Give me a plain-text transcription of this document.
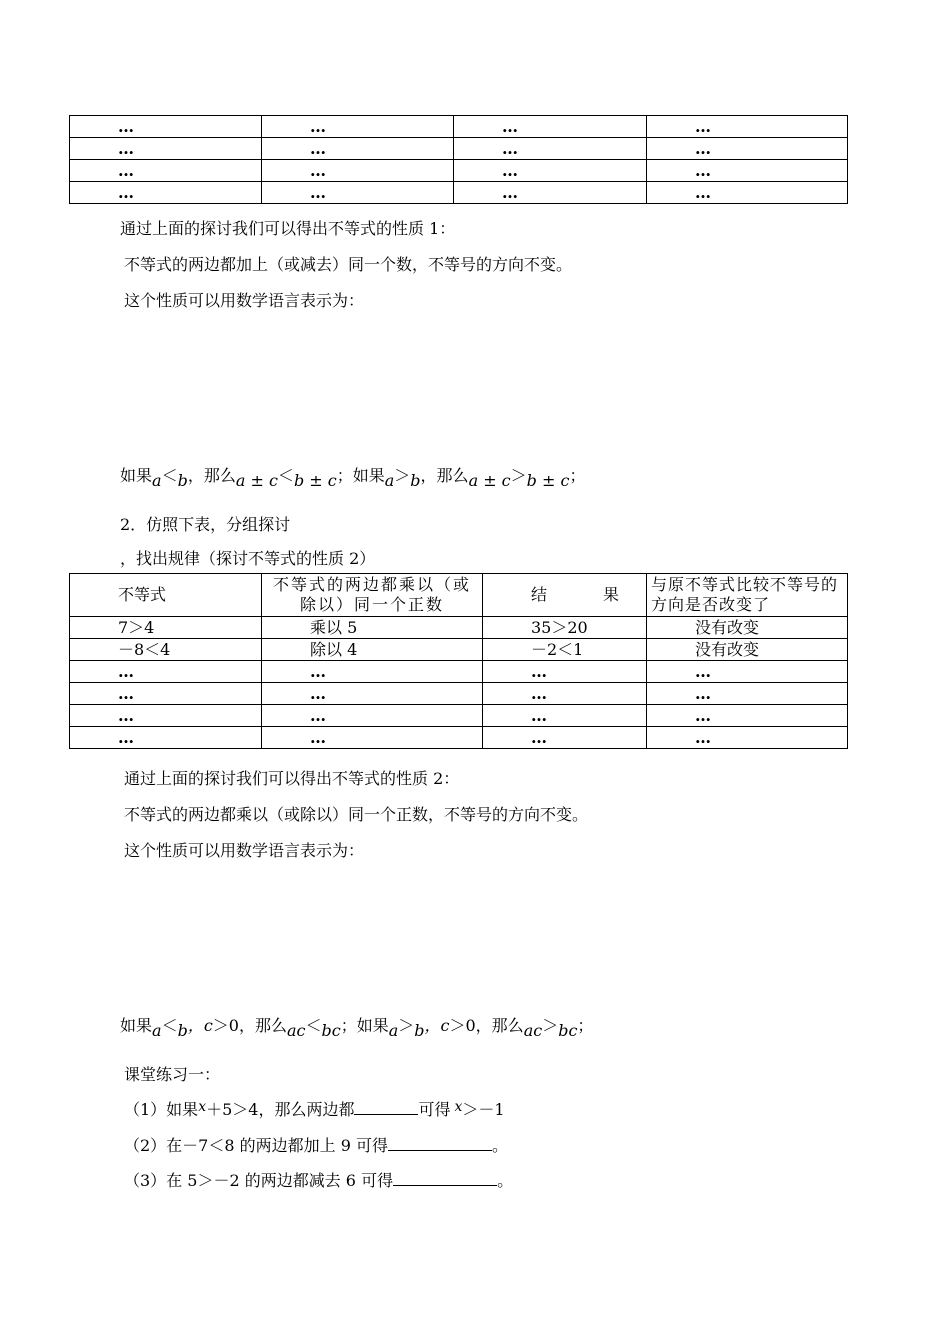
…	…	…	…
…	…	…	…
…	…	…	…
…	…	…	…
通过上面的探讨我们可以得出不等式的性质 1：
不等式的两边都加上（或减去）同一个数，不等号的方向不变。
这个性质可以用数学语言表示为：
如果a＜b，那么a ± c＜b ± c；如果a＞b，那么a ± c＞b ± c；
2．仿照下表，分组探讨
，找出规律（探讨不等式的性质 2）
不等式	不等式的两边都乘以（或除以）同一个正数	结　果	与原不等式比较不等号的方向是否改变了
7＞4	乘以 5	35＞20	没有改变
－8＜4	除以 4	－2＜1	没有改变
…	…	…	…
…	…	…	…
…	…	…	…
…	…	…	…
通过上面的探讨我们可以得出不等式的性质 2：
不等式的两边都乘以（或除以）同一个正数，不等号的方向不变。
这个性质可以用数学语言表示为：
如果a＜b，c＞0，那么ac＜bc；如果a＞b，c＞0，那么ac＞bc；
课堂练习一：
（1）如果x＋5＞4，那么两边都	可得 x＞－1
（2）在－7＜8 的两边都加上 9 可得	。
（3）在 5＞－2 的两边都减去 6 可得	。
